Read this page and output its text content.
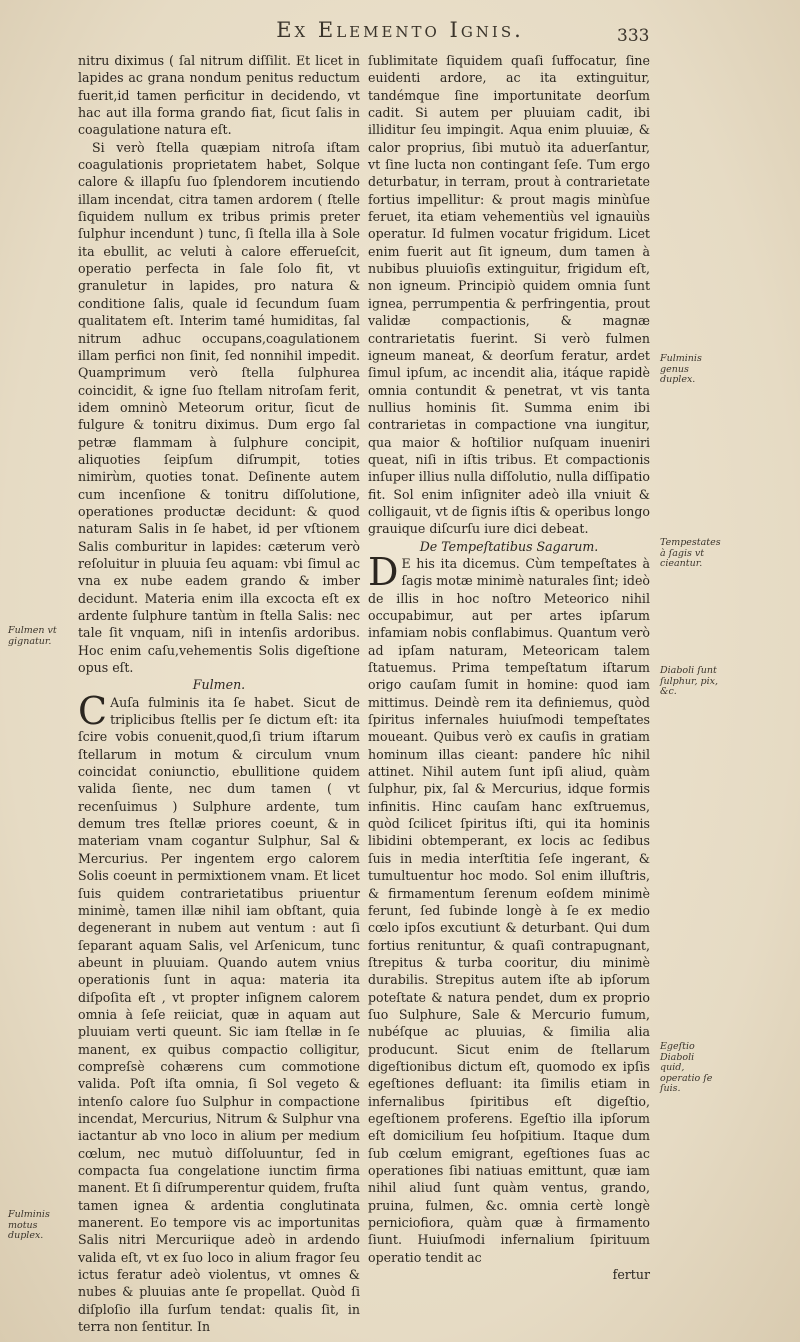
Ex Elemento Ignis.	333

nitru diximus ( ſal nitrum diſſilit. Et licet in lapides ac grana nondum penitus reductum fuerit,id tamen perficitur in decidendo, vt hac aut illa forma grando fiat, ſicut ſalis in coagulatione natura eſt.

Si verò ſtella quæpiam nitroſa iſtam coagulationis proprietatem habet, Solque calore & illapſu ſuo ſplendorem incutiendo illam incendat, citra tamen ardorem ( ſtelle ſiquidem nullum ex tribus primis preter ſulphur incendunt ) tunc, ſi ſtella illa à Sole ita ebullit, ac veluti à calore efferueſcit, operatio perfecta in ſale ſolo fit, vt granuletur in lapides, pro natura & conditione ſalis, quale id ſecundum ſuam qualitatem eſt. Interim tamé humiditas, ſal nitrum adhuc occupans,coagulationem illam perfici non ſinit, ſed nonnihil impedit. Quamprimum verò ſtella ſulphurea coincidit, & igne ſuo ſtellam nitroſam ferit, idem omninò Meteorum oritur, ſicut de fulgure & tonitru diximus. Dum ergo ſal petræ flammam à ſulphure concipit, aliquoties ſeipſum diſrumpit, toties nimirùm, quoties tonat. Deſinente autem cum incenſione & tonitru diſſolutione, operationes productæ decidunt: & quod naturam Salis in ſe habet, id per vſtionem Salis comburitur in lapides: cæterum verò reſoluitur in pluuia ſeu aquam: vbi ſimul ac vna ex nube eadem grando & imber decidunt. Materia enim illa excocta eſt ex ardente ſulphure tantùm in ſtella Salis: nec tale ſit vnquam, niſi in intenſis ardoribus. Hoc enim caſu,vehementis Solis digeſtione opus eſt.

Fulmen.

C Auſa fulminis ita ſe habet. Sicut de triplicibus ſtellis per ſe dictum eſt: ita ſcire vobis conuenit,quod,ſi trium iſtarum ſtellarum in motum & circulum vnum coincidat coniunctio, ebullitione quidem valida ſiente, nec dum tamen ( vt recenſuimus ) Sulphure ardente, tum demum tres ſtellæ priores coeunt, & in materiam vnam cogantur Sulphur, Sal & Mercurius. Per ingentem ergo calorem Solis coeunt in permixtionem vnam. Et licet ſuis quidem contrarietatibus priuentur minimè, tamen illæ nihil iam obſtant, quia degenerant in nubem aut ventum : aut ſi ſeparant aquam Salis, vel Arſenicum, tunc abeunt in pluuiam. Quando autem vnius operationis ſunt in aqua: materia ita diſpoſita eſt , vt propter inſignem calorem omnia à ſeſe reiiciat, quæ in aquam aut pluuiam verti queunt. Sic iam ſtellæ in ſe manent, ex quibus compactio colligitur, compreſsè cohærens cum commotione valida. Poſt iſta omnia, ſi Sol vegeto & intenſo calore ſuo Sulphur in compactione incendat, Mercurius, Nitrum & Sulphur vna iactantur ab vno loco in alium per medium cœlum, nec mutuò diſſoluuntur, ſed in compacta ſua congelatione iunctim firma manent. Et ſi diſrumperentur quidem, fruſta tamen ignea & ardentia conglutinata manerent. Eo tempore vis ac importunitas Salis nitri Mercuriique adeò in ardendo valida eſt, vt ex ſuo loco in alium fragor ſeu ictus feratur adeò violentus, vt omnes & nubes & pluuias ante ſe propellat. Quòd ſi diſploſio illa ſurſum tendat: qualis ſit, in terra non ſentitur. In

ſublimitate ſiquidem quaſi ſuffocatur, ſine euidenti ardore, ac ita extinguitur, tandémque ſine importunitate deorſum cadit. Si autem per pluuiam cadit, ibi illiditur ſeu impingit. Aqua enim pluuiæ, & calor proprius, ſibi mutuò ita aduerſantur, vt ſine lucta non contingant ſeſe. Tum ergo deturbatur, in terram, prout à contrarietate fortius impellitur: & prout magis minùſue feruet, ita etiam vehementiùs vel ignauiùs operatur. Id fulmen vocatur frigidum. Licet enim fuerit aut ſit igneum, dum tamen à nubibus pluuioſis extinguitur, frigidum eſt, non igneum. Principiò quidem omnia ſunt ignea, perrumpentia & perfringentia, prout validæ compactionis, & magnæ contrarietatis fuerint. Si verò fulmen igneum maneat, & deorſum feratur, ardet ſimul ipſum, ac incendit alia, itáque rapidè omnia contundit & penetrat, vt vis tanta nullius hominis ſit. Summa enim ibi contrarietas in compactione vna iungitur, qua maior & hoſtilior nuſquam inueniri queat, niſi in iſtis tribus. Et compactionis inſuper illius nulla diſſolutio, nulla diſſipatio fit. Sol enim inſigniter adeò illa vniuit & colligauit, vt de ſignis iſtis & operibus longo grauique diſcurſu iure dici debeat.

De Tempeſtatibus Sagarum.

D E his ita dicemus. Cùm tempeſtates à ſagis motæ minimè naturales ſint; ideò de illis in hoc noſtro Meteorico nihil occupabimur, aut per artes ipſarum infamiam nobis conflabimus. Quantum verò ad ipſam naturam, Meteoricam talem ſtatuemus. Prima tempeſtatum iſtarum origo cauſam ſumit in homine: quod iam mittimus. Deindè rem ita definiemus, quòd ſpiritus infernales huiuſmodi tempeſtates moueant. Quibus verò ex cauſis in gratiam hominum illas cieant: pandere hîc nihil attinet. Nihil autem ſunt ipſi aliud, quàm ſulphur, pix, ſal & Mercurius, idque formis infinitis. Hinc cauſam hanc exſtruemus, quòd ſcilicet ſpiritus iſti, qui ita hominis libidini obtemperant, ex locis ac ſedibus ſuis in media interſtitia ſeſe ingerant, & tumultuentur hoc modo. Sol enim illuſtris, & firmamentum ſerenum eoſdem minimè ferunt, ſed ſubinde longè à ſe ex medio cœlo ipſos excutiunt & deturbant. Qui dum fortius renituntur, & quaſi contrapugnant, ſtrepitus & turba cooritur, diu minimè durabilis. Strepitus autem iſte ab ipſorum poteſtate & natura pendet, dum ex proprio ſuo Sulphure, Sale & Mercurio fumum, nubéſque ac pluuias, & ſimilia alia producunt. Sicut enim de ſtellarum digeſtionibus dictum eſt, quomodo ex ipſis egeſtiones defluant: ita ſimilis etiam in infernalibus ſpiritibus eſt digeſtio, egeſtionem proferens. Egeſtio illa ipſorum eſt domicilium ſeu hoſpitium. Itaque dum ſub cœlum emigrant, egeſtiones ſuas ac operationes ſibi natiuas emittunt, quæ iam nihil aliud ſunt quàm ventus, grando, pruina, fulmen, &c. omnia certè longè perniciofiora, quàm quæ à firmamento ſiunt. Huiuſmodi infernalium ſpirituum operatio tendit ac

fertur

Fulmen vt gignatur.
Fulminis motus duplex.
Fulminis genus duplex.
Tempestates à ſagis vt cieantur.
Diaboli ſunt ſulphur, pix, &c.
Egeſtio Diaboli quid, operatio ſe ſuis.
